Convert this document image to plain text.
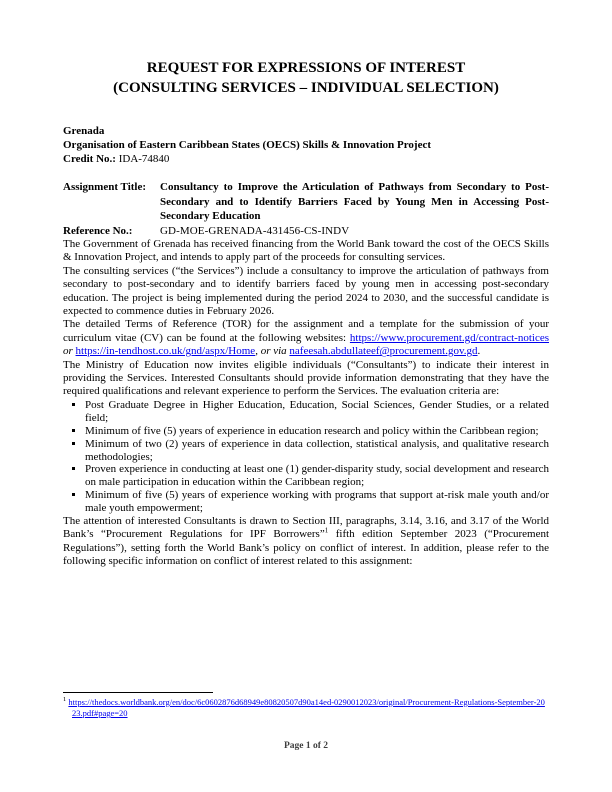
REQUEST FOR EXPRESSIONS OF INTEREST
(CONSULTING SERVICES – INDIVIDUAL SELECTION)
Grenada
Organisation of Eastern Caribbean States (OECS) Skills & Innovation Project
Credit No.: IDA-74840
Assignment Title: Consultancy to Improve the Articulation of Pathways from Secondary to Post-Secondary and to Identify Barriers Faced by Young Men in Accessing Post-Secondary Education
Reference No.:	GD-MOE-GRENADA-431456-CS-INDV

The Government of Grenada has received financing from the World Bank toward the cost of the OECS Skills & Innovation Project, and intends to apply part of the proceeds for consulting services.

The consulting services (“the Services”) include a consultancy to improve the articulation of pathways from secondary to post-secondary and to identify barriers faced by young men in accessing post-secondary education. The project is being implemented during the period 2024 to 2030, and the successful candidate is expected to commence duties in February 2026.

The detailed Terms of Reference (TOR) for the assignment and a template for the submission of your curriculum vitae (CV) can be found at the following websites: https://www.procurement.gd/contract-notices or https://in-tendhost.co.uk/gnd/aspx/Home, or via nafeesah.abdullateef@procurement.gov.gd.

The Ministry of Education now invites eligible individuals (“Consultants”) to indicate their interest in providing the Services. Interested Consultants should provide information demonstrating that they have the required qualifications and relevant experience to perform the Services. The evaluation criteria are:

▪ Post Graduate Degree in Higher Education, Education, Social Sciences, Gender Studies, or a related field;
▪ Minimum of five (5) years of experience in education research and policy within the Caribbean region;
▪ Minimum of two (2) years of experience in data collection, statistical analysis, and qualitative research methodologies;
▪ Proven experience in conducting at least one (1) gender-disparity study, social development and research on male participation in education within the Caribbean region;
▪ Minimum of five (5) years of experience working with programs that support at-risk male youth and/or male youth empowerment;

The attention of interested Consultants is drawn to Section III, paragraphs, 3.14, 3.16, and 3.17 of the World Bank’s “Procurement Regulations for IPF Borrowers”$^1$ fifth edition September 2023 (“Procurement Regulations”), setting forth the World Bank’s policy on conflict of interest. In addition, please refer to the following specific information on conflict of interest related to this assignment:

$^1$ https://thedocs.worldbank.org/en/doc/6c0602876d68949e80820507d90a14ed-0290012023/original/Procurement-Regulations-September-2023.pdf#page=20
Page 1 of 2
